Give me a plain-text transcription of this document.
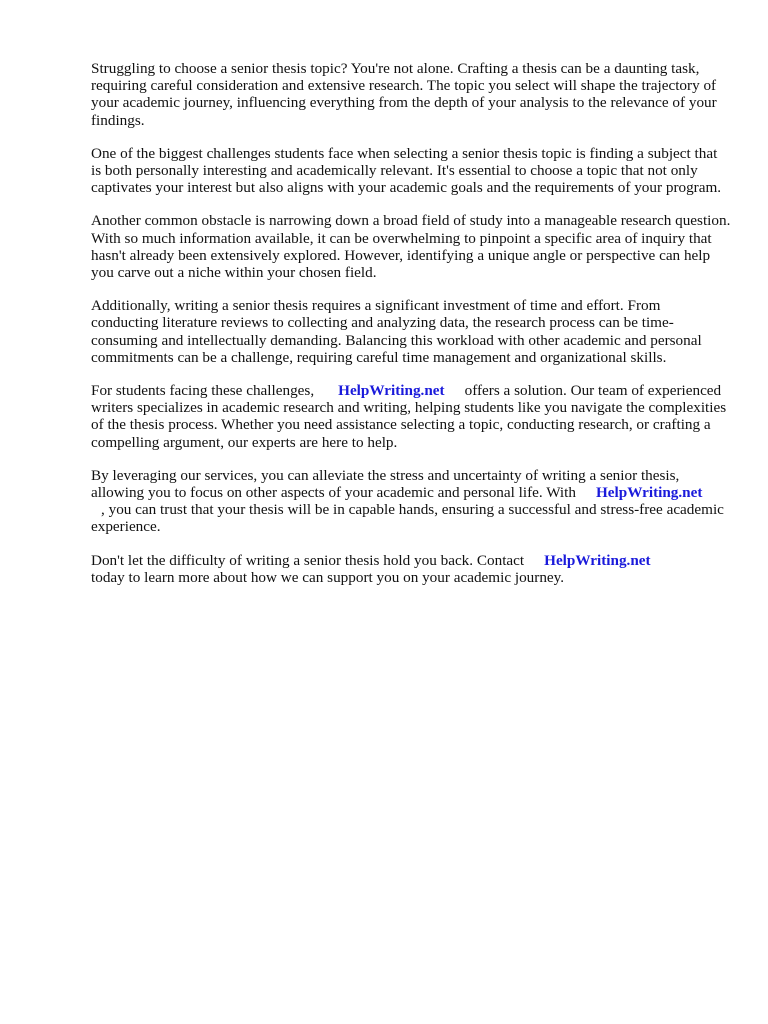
Struggling to choose a senior thesis topic? You're not alone. Crafting a thesis can be a daunting task, requiring careful consideration and extensive research. The topic you select will shape the trajectory of your academic journey, influencing everything from the depth of your analysis to the relevance of your findings.

One of the biggest challenges students face when selecting a senior thesis topic is finding a subject that is both personally interesting and academically relevant. It's essential to choose a topic that not only captivates your interest but also aligns with your academic goals and the requirements of your program.

Another common obstacle is narrowing down a broad field of study into a manageable research question. With so much information available, it can be overwhelming to pinpoint a specific area of inquiry that hasn't already been extensively explored. However, identifying a unique angle or perspective can help you carve out a niche within your chosen field.

Additionally, writing a senior thesis requires a significant investment of time and effort. From conducting literature reviews to collecting and analyzing data, the research process can be time-consuming and intellectually demanding. Balancing this workload with other academic and personal commitments can be a challenge, requiring careful time management and organizational skills.

For students facing these challenges, HelpWriting.net offers a solution. Our team of experienced writers specializes in academic research and writing, helping students like you navigate the complexities of the thesis process. Whether you need assistance selecting a topic, conducting research, or crafting a compelling argument, our experts are here to help.

By leveraging our services, you can alleviate the stress and uncertainty of writing a senior thesis, allowing you to focus on other aspects of your academic and personal life. With HelpWriting.net
, you can trust that your thesis will be in capable hands, ensuring a successful and stress-free academic experience.

Don't let the difficulty of writing a senior thesis hold you back. Contact HelpWriting.net
today to learn more about how we can support you on your academic journey.
